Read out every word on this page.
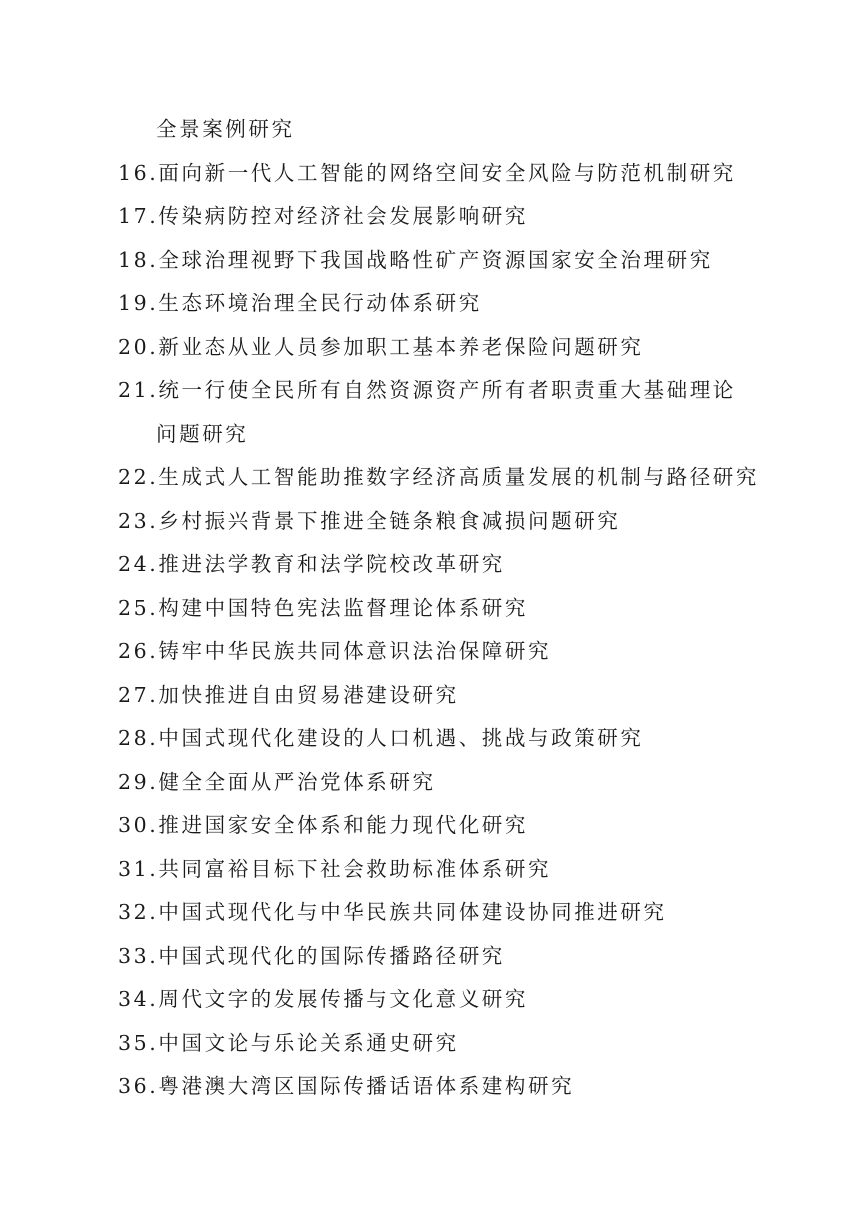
全景案例研究
16.面向新一代人工智能的网络空间安全风险与防范机制研究
17.传染病防控对经济社会发展影响研究
18.全球治理视野下我国战略性矿产资源国家安全治理研究
19.生态环境治理全民行动体系研究
20.新业态从业人员参加职工基本养老保险问题研究
21.统一行使全民所有自然资源资产所有者职责重大基础理论
问题研究
22.生成式人工智能助推数字经济高质量发展的机制与路径研究
23.乡村振兴背景下推进全链条粮食减损问题研究
24.推进法学教育和法学院校改革研究
25.构建中国特色宪法监督理论体系研究
26.铸牢中华民族共同体意识法治保障研究
27.加快推进自由贸易港建设研究
28.中国式现代化建设的人口机遇、挑战与政策研究
29.健全全面从严治党体系研究
30.推进国家安全体系和能力现代化研究
31.共同富裕目标下社会救助标准体系研究
32.中国式现代化与中华民族共同体建设协同推进研究
33.中国式现代化的国际传播路径研究
34.周代文字的发展传播与文化意义研究
35.中国文论与乐论关系通史研究
36.粤港澳大湾区国际传播话语体系建构研究
